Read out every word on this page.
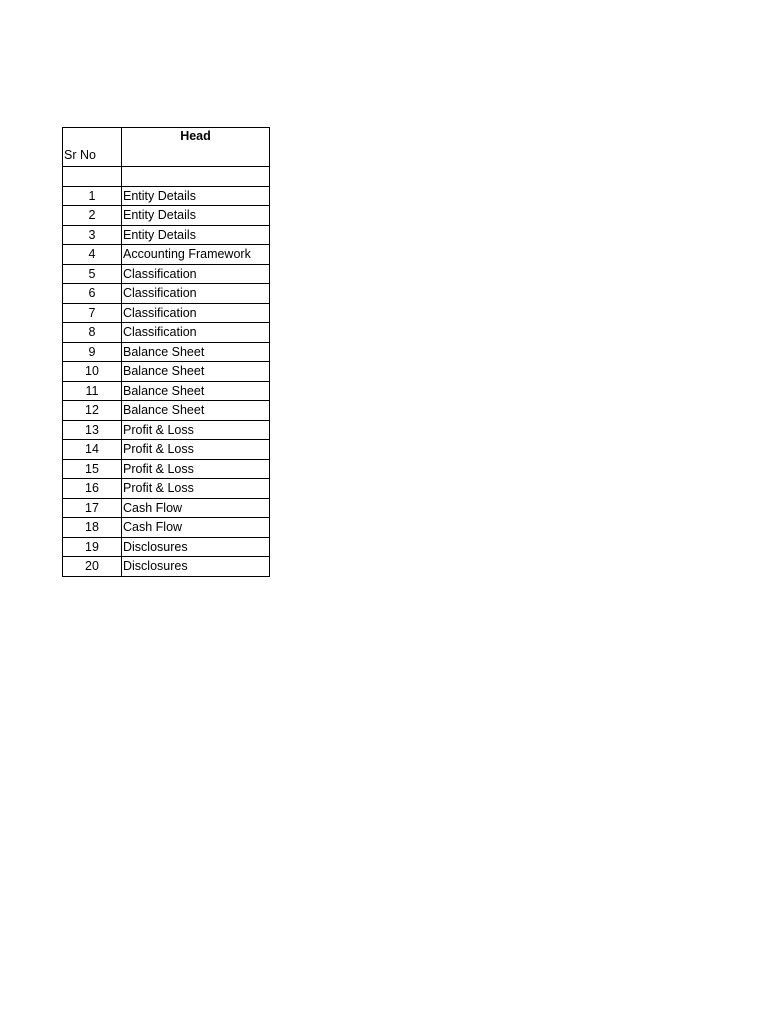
Sr No	Head

1	Entity Details
2	Entity Details
3	Entity Details
4	Accounting Framework
5	Classification
6	Classification
7	Classification
8	Classification
9	Balance Sheet
10	Balance Sheet
11	Balance Sheet
12	Balance Sheet
13	Profit & Loss
14	Profit & Loss
15	Profit & Loss
16	Profit & Loss
17	Cash Flow
18	Cash Flow
19	Disclosures
20	Disclosures
